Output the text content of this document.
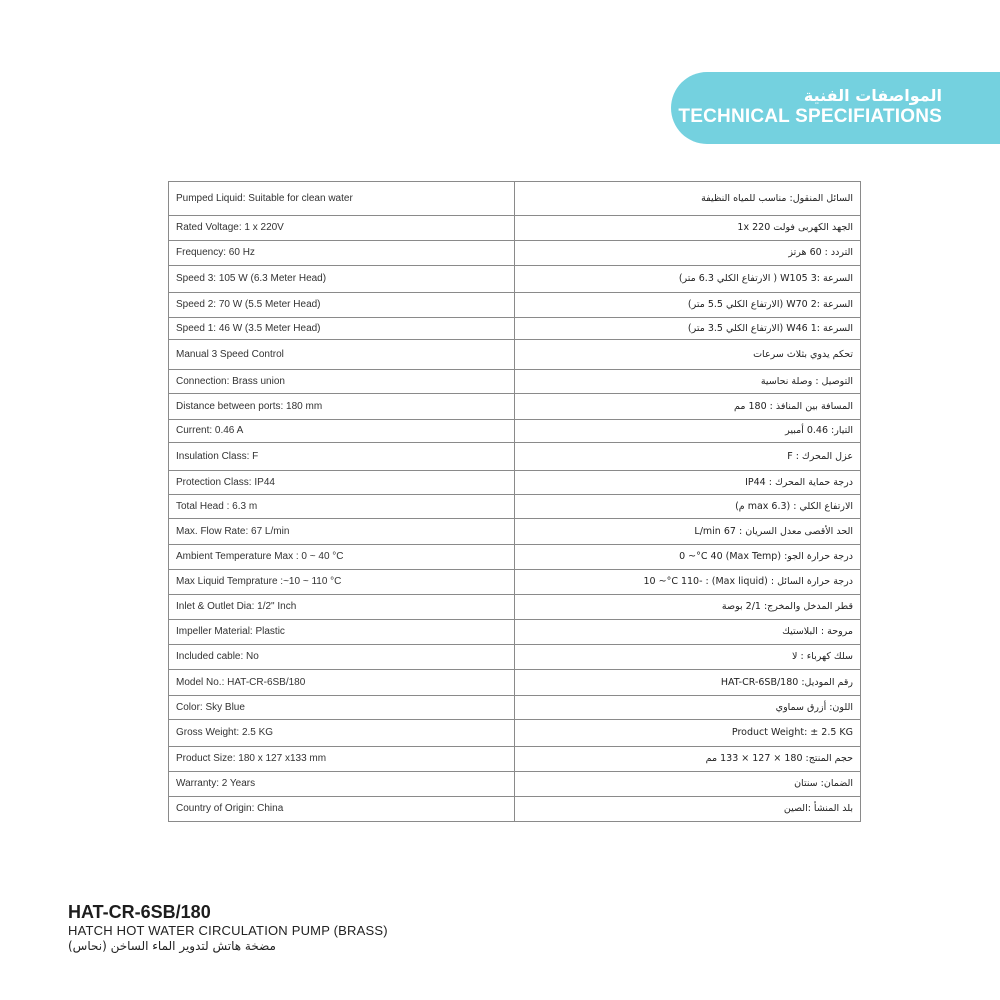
المواصفات الفنية
TECHNICAL SPECIFIATIONS
Pumped Liquid: Suitable for clean water	السائل المنقول: مناسب للمياه النظيفة
Rated Voltage: 1 x 220V	الجهد الكهربى فولت 220 1x
Frequency: 60 Hz	التردد : 60 هرتز
Speed 3: 105 W (6.3 Meter Head)	السرعة :3 W105 ( الارتفاع الكلي 6.3 متر)
Speed 2: 70 W (5.5 Meter Head)	السرعة :2 W70 (الارتفاع الكلي 5.5 متر)
Speed 1: 46 W (3.5 Meter Head)	السرعة :1 W46 (الارتفاع الكلي 3.5 متر)
Manual 3 Speed Control	تحكم يدوي بثلاث سرعات
Connection: Brass union	التوصيل : وصلة نحاسية
Distance between ports: 180 mm	المسافة بين المنافذ : 180 مم
Current: 0.46 A	التيار: 0.46 أمبير
Insulation Class: F	عزل المحرك : F
Protection Class: IP44	درجة حماية المحرك : IP44
Total Head : 6.3 m	الارتفاع الكلي : (max 6.3 م)
Max. Flow Rate: 67 L/min	الحد الأقصى معدل السريان : L/min 67
Ambient Temperature Max : 0 ~ 40 °C	درجة حرارة الجو: (Max Temp) 0 ~°C 40
Max Liquid Temprature :~10 ~ 110 °C	درجة حرارة السائل : (Max liquid) : -10 ~°C 110
Inlet & Outlet Dia: 1/2" Inch	قطر المدخل والمخرج: 2/1 بوصة
Impeller Material: Plastic	مروحة : البلاستيك
Included cable: No	سلك كهرباء : لا
Model No.: HAT-CR-6SB/180	رقم الموديل: HAT-CR-6SB/180
Color: Sky Blue	اللون: أزرق سماوي
Gross Weight: 2.5 KG	Product Weight: ± 2.5 KG
Product Size: 180 x 127 x133 mm	حجم المنتج: 180 × 127 × 133 مم
Warranty: 2 Years	الضمان: سنتان
Country of Origin: China	بلد المنشأ :الصين
HAT-CR-6SB/180
HATCH HOT WATER CIRCULATION PUMP (BRASS)
مضخة هاتش لتدوير الماء الساخن (نحاس)
